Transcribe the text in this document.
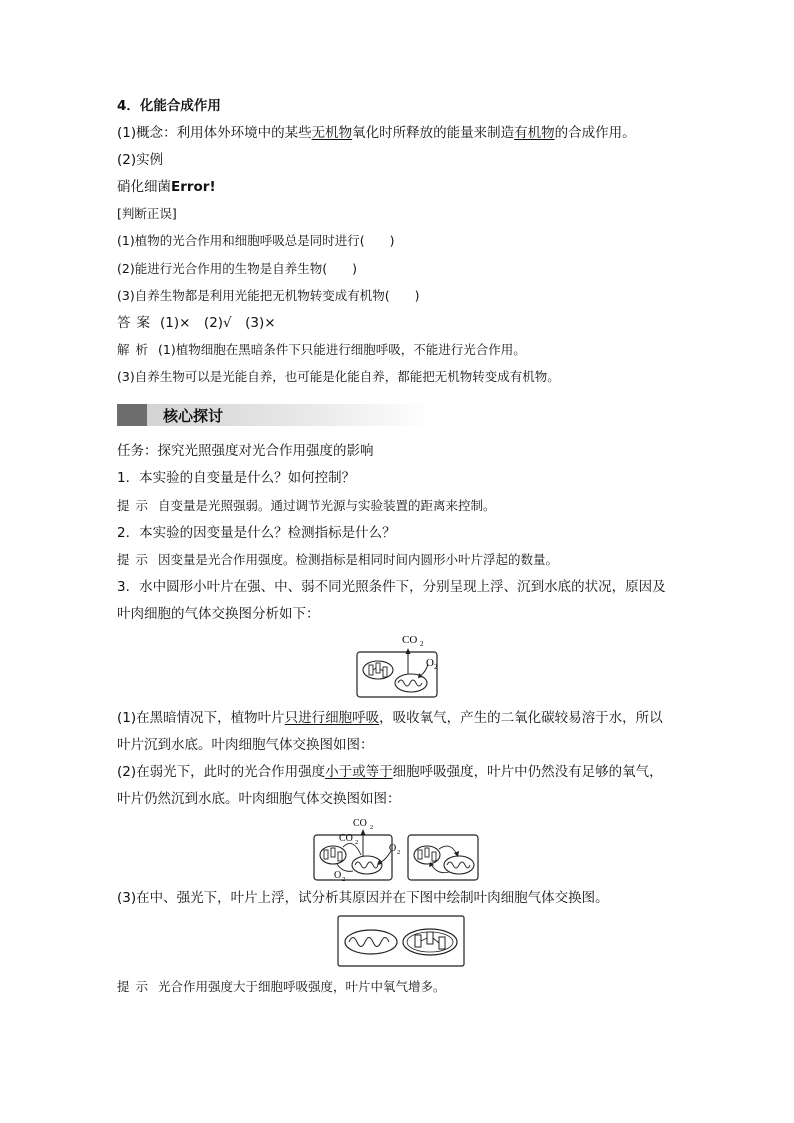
4．化能合成作用
(1)概念：利用体外环境中的某些无机物氧化时所释放的能量来制造有机物的合成作用。
(2)实例
硝化细菌Error!
[判断正误]
(1)植物的光合作用和细胞呼吸总是同时进行(　　)
(2)能进行光合作用的生物是自养生物(　　)
(3)自养生物都是利用光能把无机物转变成有机物(　　)
答案 (1)×　(2)√　(3)×
解析 (1)植物细胞在黑暗条件下只能进行细胞呼吸，不能进行光合作用。
(3)自养生物可以是光能自养，也可能是化能自养，都能把无机物转变成有机物。
核心探讨
任务：探究光照强度对光合作用强度的影响
1．本实验的自变量是什么？如何控制？
提示 自变量是光照强弱。通过调节光源与实验装置的距离来控制。
2．本实验的因变量是什么？检测指标是什么？
提示 因变量是光合作用强度。检测指标是相同时间内圆形小叶片浮起的数量。
3．水中圆形小叶片在强、中、弱不同光照条件下，分别呈现上浮、沉到水底的状况，原因及
叶肉细胞的气体交换图分析如下：
CO 2
O 2
(1)在黑暗情况下，植物叶片只进行细胞呼吸，吸收氧气，产生的二氧化碳较易溶于水，所以
叶片沉到水底。叶肉细胞气体交换图如图：
(2)在弱光下，此时的光合作用强度小于或等于细胞呼吸强度，叶片中仍然没有足够的氧气，
叶片仍然沉到水底。叶肉细胞气体交换图如图：
CO 2
CO 2
O 2
O 2
(3)在中、强光下，叶片上浮，试分析其原因并在下图中绘制叶肉细胞气体交换图。
提示 光合作用强度大于细胞呼吸强度，叶片中氧气增多。
